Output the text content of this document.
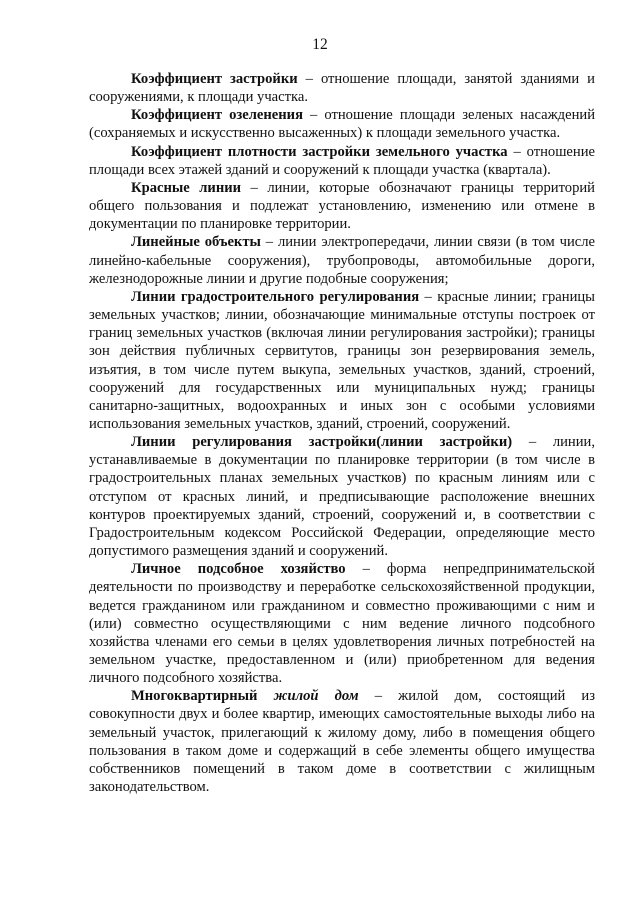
12

Коэффициент застройки – отношение площади, занятой зданиями и сооружениями, к площади участка.

Коэффициент озеленения – отношение площади зеленых насаждений (сохраняемых и искусственно высаженных) к площади земельного участка.

Коэффициент плотности застройки земельного участка – отношение площади всех этажей зданий и сооружений к площади участка (квартала).

Красные линии – линии, которые обозначают границы территорий общего пользования и подлежат установлению, изменению или отмене в документации по планировке территории.

Линейные объекты – линии электропередачи, линии связи (в том числе линейно-кабельные сооружения), трубопроводы, автомобильные дороги, железнодорожные линии и другие подобные сооружения;

Линии градостроительного регулирования – красные линии; границы земельных участков; линии, обозначающие минимальные отступы построек от границ земельных участков (включая линии регулирования застройки); границы зон действия публичных сервитутов, границы зон резервирования земель, изъятия, в том числе путем выкупа, земельных участков, зданий, строений, сооружений для государственных или муниципальных нужд; границы санитарно-защитных, водоохранных и иных зон с особыми условиями использования земельных участков, зданий, строений, сооружений.

Линии регулирования застройки(линии застройки) – линии, устанавливаемые в документации по планировке территории (в том числе в градостроительных планах земельных участков) по красным линиям или с отступом от красных линий, и предписывающие расположение внешних контуров проектируемых зданий, строений, сооружений и, в соответствии с Градостроительным кодексом Российской Федерации, определяющие место допустимого размещения зданий и сооружений.

Личное подсобное хозяйство – форма непредпринимательской деятельности по производству и переработке сельскохозяйственной продукции, ведется гражданином или гражданином и совместно проживающими с ним и (или) совместно осуществляющими с ним ведение личного подсобного хозяйства членами его семьи в целях удовлетворения личных потребностей на земельном участке, предоставленном и (или) приобретенном для ведения личного подсобного хозяйства.

Многоквартирный жилой дом – жилой дом, состоящий из совокупности двух и более квартир, имеющих самостоятельные выходы либо на земельный участок, прилегающий к жилому дому, либо в помещения общего пользования в таком доме и содержащий в себе элементы общего имущества собственников помещений в таком доме в соответствии с жилищным законодательством.
